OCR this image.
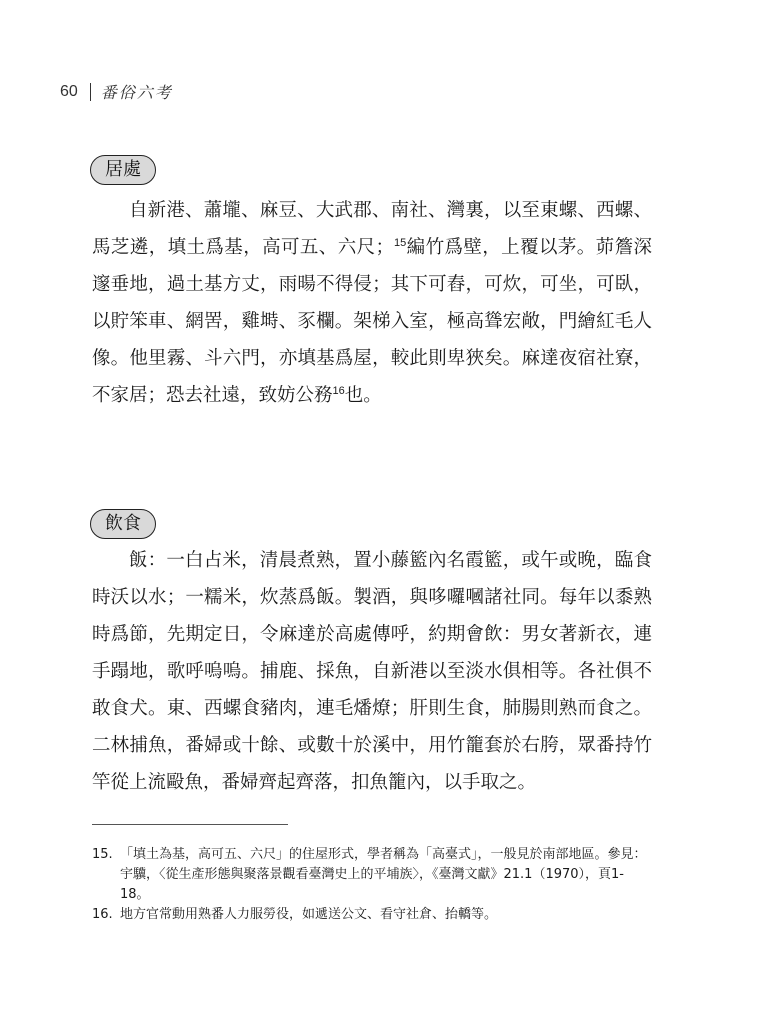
60 番俗六考
居處

自新港、蕭壠、麻豆、大武郡、南社、灣裏，以至東螺、西螺、馬芝遴，填土爲基，高可五、六尺；$^{15}$編竹爲壁，上覆以茅。茆簷深邃垂地，過土基方丈，雨暘不得侵；其下可舂，可炊，可坐，可臥，以貯笨車、網罟，雞塒、豕欄。架梯入室，極高聳宏敞，門繪紅毛人像。他里霧、斗六門，亦填基爲屋，較此則卑狹矣。麻達夜宿社寮，不家居；恐去社遠，致妨公務$^{16}$也。

飲食

飯：一白占米，清晨煮熟，置小藤籃內名霞籃，或午或晚，臨食時沃以水；一糯米，炊蒸爲飯。製酒，與哆囉嘓諸社同。每年以黍熟時爲節，先期定日，令麻達於高處傳呼，約期會飲：男女著新衣，連手蹋地，歌呼嗚嗚。捕鹿、採魚，自新港以至淡水俱相等。各社俱不敢食犬。東、西螺食豬肉，連毛燔燎；肝則生食，肺腸則熟而食之。二林捕魚，番婦或十餘、或數十於溪中，用竹籠套於右胯，眾番持竹竿從上流毆魚，番婦齊起齊落，扣魚籠內，以手取之。

15. 「填土為基，高可五、六尺」的住屋形式，學者稱為「高臺式」，一般見於南部地區。參見：宇驥，〈從生產形態與聚落景觀看臺灣史上的平埔族〉，《臺灣文獻》21.1（1970），頁1-18。
16. 地方官常動用熟番人力服勞役，如遞送公文、看守社倉、抬轎等。
